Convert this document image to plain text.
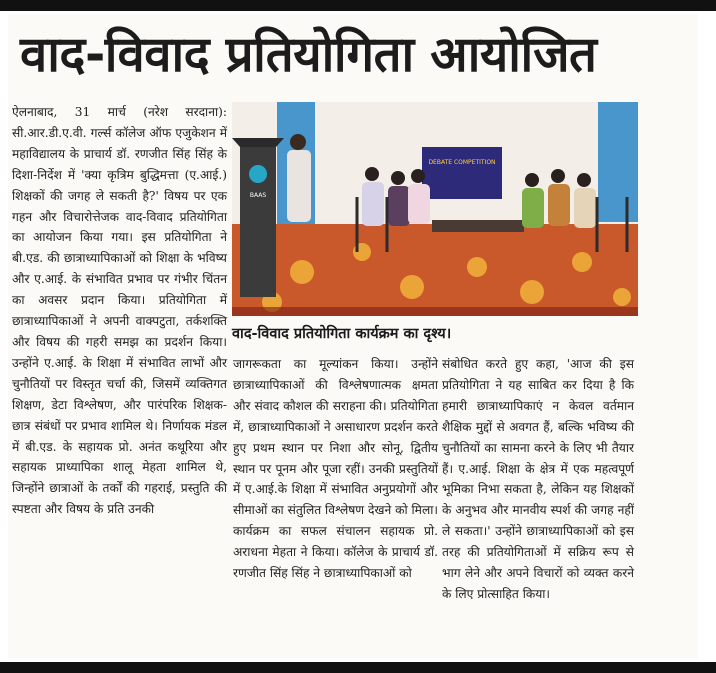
वाद-विवाद प्रतियोगिता आयोजित

ऐलनाबाद, 31 मार्च (नरेश सरदाना): सी.आर.डी.ए.वी. गर्ल्स कॉलेज ऑफ एजुकेशन में महाविद्यालय के प्राचार्य डॉ. रणजीत सिंह सिंह के दिशा-निर्देश में 'क्या कृत्रिम बुद्धिमत्ता (ए.आई.) शिक्षकों की जगह ले सकती है?' विषय पर एक गहन और विचारोत्तेजक वाद-विवाद प्रतियोगिता का आयोजन किया गया। इस प्रतियोगिता ने बी.एड. की छात्राध्यापिकाओं को शिक्षा के भविष्य और ए.आई. के संभावित प्रभाव पर गंभीर चिंतन का अवसर प्रदान किया। प्रतियोगिता में छात्राध्यापिकाओं ने अपनी वाक्पटुता, तर्कशक्ति और विषय की गहरी समझ का प्रदर्शन किया। उन्होंने ए.आई. के शिक्षा में संभावित लाभों और चुनौतियों पर विस्तृत चर्चा की, जिसमें व्यक्तिगत शिक्षण, डेटा विश्लेषण, और पारंपरिक शिक्षक-छात्र संबंधों पर प्रभाव शामिल थे। निर्णायक मंडल में बी.एड. के सहायक प्रो. अनंत कथूरिया और सहायक प्राध्यापिका शालू मेहता शामिल थे, जिन्होंने छात्राओं के तर्कों की गहराई, प्रस्तुति की स्पष्टता और विषय के प्रति उनकी

DEBATE COMPETITION
BAAS
वाद-विवाद प्रतियोगिता कार्यक्रम का दृश्य।

जागरूकता का मूल्यांकन किया। उन्होंने छात्राध्यापिकाओं की विश्लेषणात्मक क्षमता और संवाद कौशल की सराहना की। प्रतियोगिता में, छात्राध्यापिकाओं ने असाधारण प्रदर्शन करते हुए प्रथम स्थान पर निशा और सोनू, द्वितीय स्थान पर पूनम और पूजा रहीं। उनकी प्रस्तुतियों में ए.आई.के शिक्षा में संभावित अनुप्रयोगों और सीमाओं का संतुलित विश्लेषण देखने को मिला। कार्यक्रम का सफल संचालन सहायक प्रो. अराधना मेहता ने किया। कॉलेज के प्राचार्य डॉ. रणजीत सिंह सिंह ने छात्राध्यापिकाओं को

संबोधित करते हुए कहा, 'आज की इस प्रतियोगिता ने यह साबित कर दिया है कि हमारी छात्राध्यापिकाएं न केवल वर्तमान शैक्षिक मुद्दों से अवगत हैं, बल्कि भविष्य की चुनौतियों का सामना करने के लिए भी तैयार हैं। ए.आई. शिक्षा के क्षेत्र में एक महत्वपूर्ण भूमिका निभा सकता है, लेकिन यह शिक्षकों के अनुभव और मानवीय स्पर्श की जगह नहीं ले सकता।' उन्होंने छात्राध्यापिकाओं को इस तरह की प्रतियोगिताओं में सक्रिय रूप से भाग लेने और अपने विचारों को व्यक्त करने के लिए प्रोत्साहित किया।
